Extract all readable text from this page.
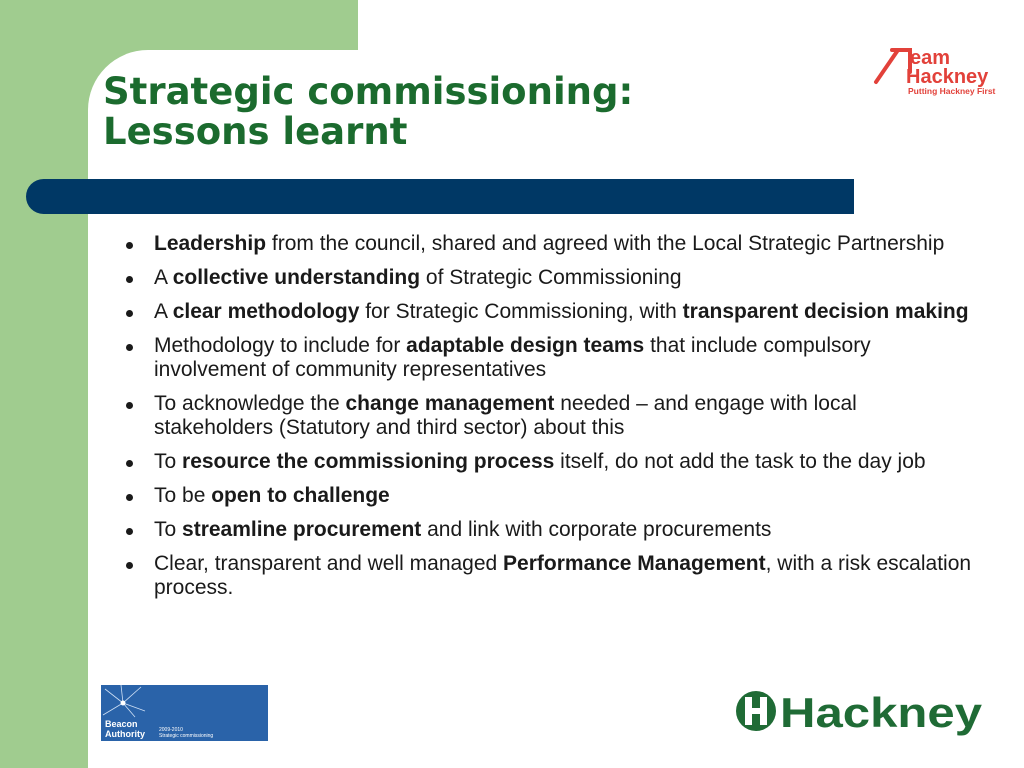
Strategic commissioning:
Lessons learnt
eam
Hackney
Putting Hackney First
Leadership from the council, shared and agreed with the Local Strategic Partnership
A collective understanding of Strategic Commissioning
A clear methodology for Strategic Commissioning, with transparent decision making
Methodology to include for adaptable design teams that include compulsory involvement of community representatives
To acknowledge the change management needed – and engage with local stakeholders (Statutory and third sector) about this
To resource the commissioning process itself, do not add the task to the day job
To be open to challenge
To streamline procurement and link with corporate procurements
Clear, transparent and well managed Performance Management, with a risk escalation process.
Beacon
Authority	2009-2010
Strategic commissioning	Hackney
